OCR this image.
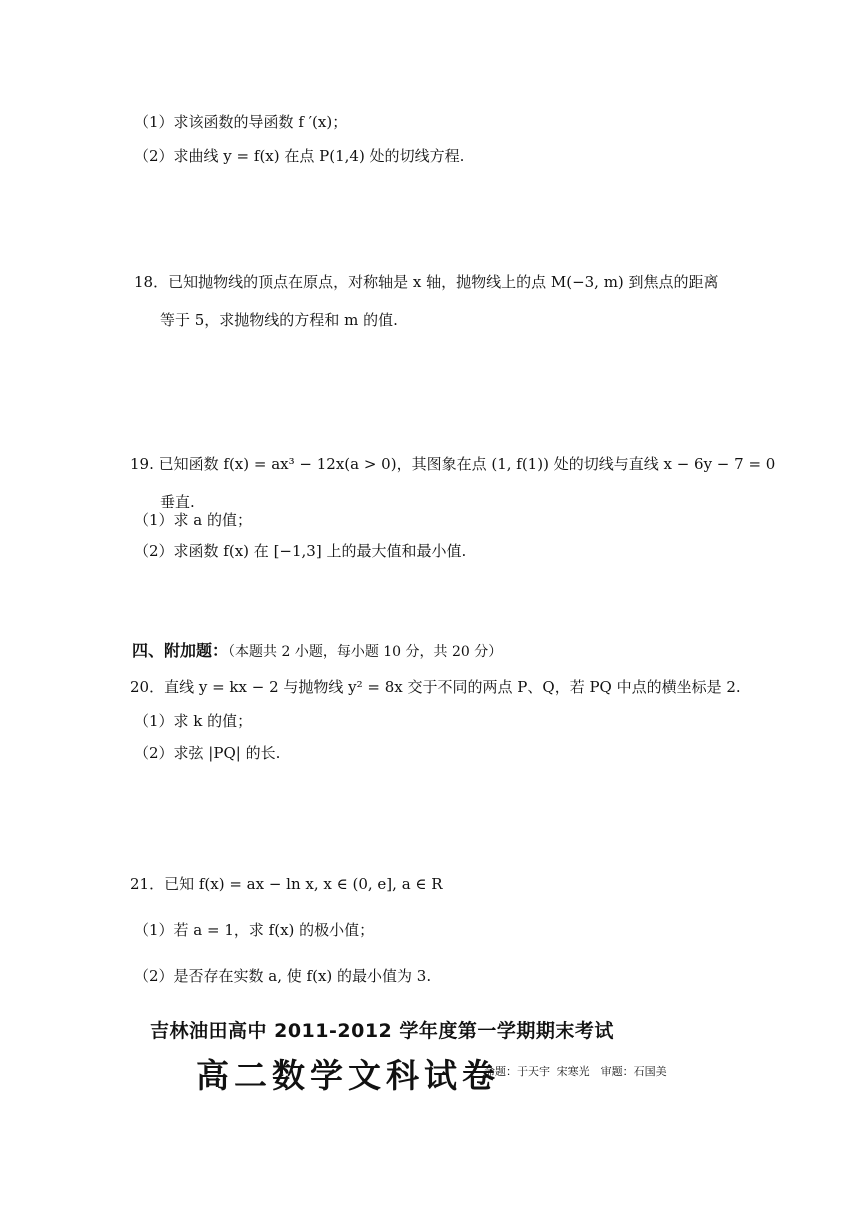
（1）求该函数的导函数 f ′(x)；
（2）求曲线 y = f(x) 在点 P(1,4) 处的切线方程.
18．已知抛物线的顶点在原点，对称轴是 x 轴，抛物线上的点 M(−3, m) 到焦点的距离
等于 5，求抛物线的方程和 m 的值.
19. 已知函数 f(x) = ax³ − 12x(a > 0)，其图象在点 (1, f(1)) 处的切线与直线 x − 6y − 7 = 0
垂直.
（1）求 a 的值；
（2）求函数 f(x) 在 [−1,3] 上的最大值和最小值.
四、附加题：（本题共 2 小题，每小题 10 分，共 20 分）
20．直线 y = kx − 2 与抛物线 y² = 8x 交于不同的两点 P、Q，若 PQ 中点的横坐标是 2.
（1）求 k 的值；
（2）求弦 |PQ| 的长.
21．已知 f(x) = ax − ln x, x ∈ (0, e], a ∈ R
（1）若 a = 1，求 f(x) 的极小值；
（2）是否存在实数 a, 使 f(x) 的最小值为 3.
吉林油田高中 2011-2012 学年度第一学期期末考试
高二数学文科试卷
命题：于天宇 宋寒光　审题：石国美
